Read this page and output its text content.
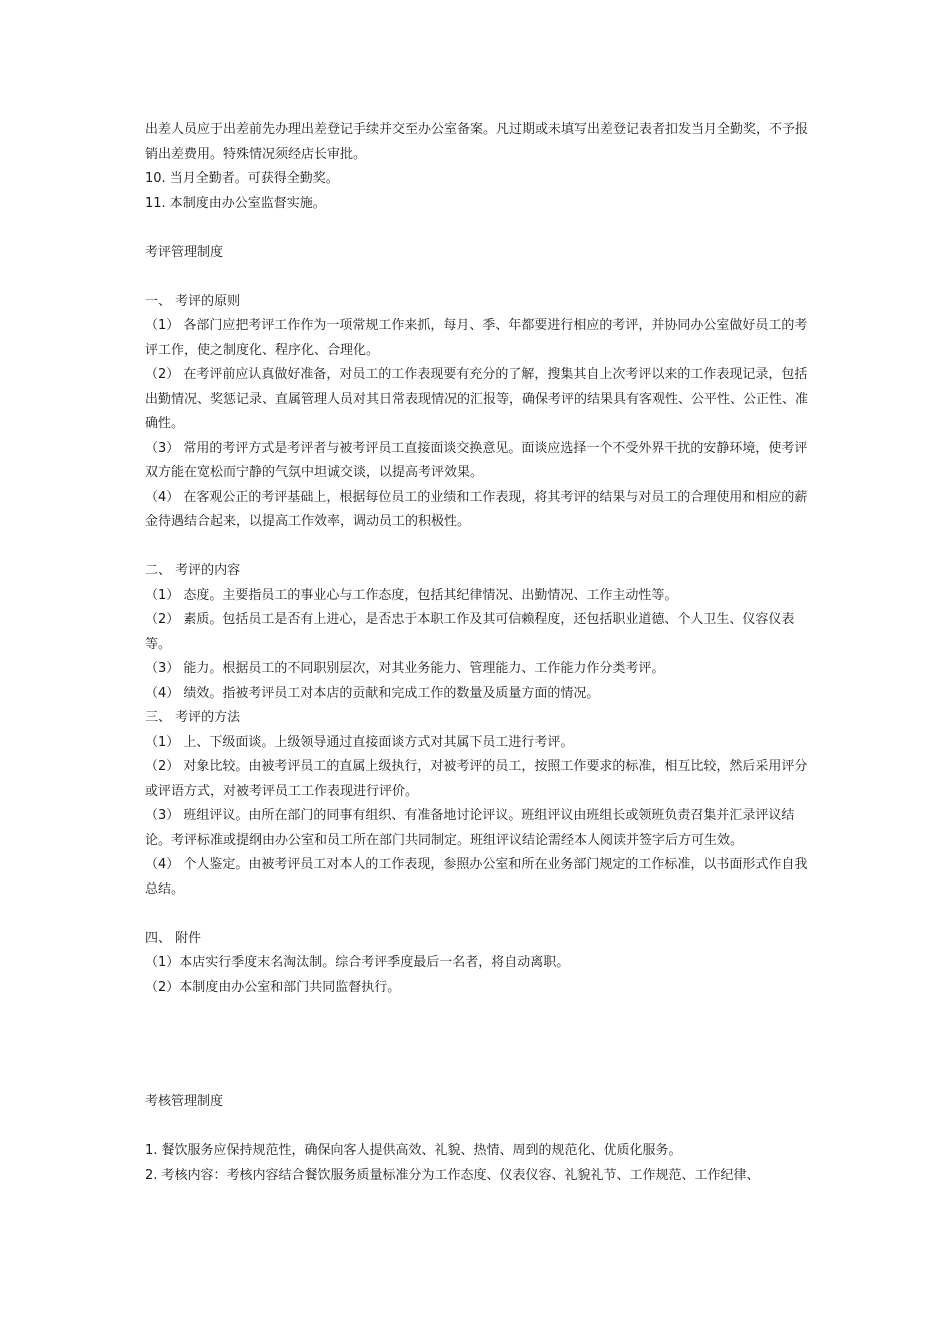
出差人员应于出差前先办理出差登记手续并交至办公室备案。凡过期或未填写出差登记表者扣发当月全勤奖，不予报销出差费用。特殊情况须经店长审批。

10. 当月全勤者。可获得全勤奖。

11. 本制度由办公室监督实施。

考评管理制度

一、 考评的原则

（1） 各部门应把考评工作作为一项常规工作来抓，每月、季、年都要进行相应的考评，并协同办公室做好员工的考评工作，使之制度化、程序化、合理化。

（2） 在考评前应认真做好准备，对员工的工作表现要有充分的了解，搜集其自上次考评以来的工作表现记录，包括出勤情况、奖惩记录、直属管理人员对其日常表现情况的汇报等，确保考评的结果具有客观性、公平性、公正性、准确性。

（3） 常用的考评方式是考评者与被考评员工直接面谈交换意见。面谈应选择一个不受外界干扰的安静环境，使考评双方能在宽松而宁静的气氛中坦诚交谈，以提高考评效果。

（4） 在客观公正的考评基础上，根据每位员工的业绩和工作表现，将其考评的结果与对员工的合理使用和相应的薪金待遇结合起来，以提高工作效率，调动员工的积极性。

二、 考评的内容

（1） 态度。主要指员工的事业心与工作态度，包括其纪律情况、出勤情况、工作主动性等。

（2） 素质。包括员工是否有上进心，是否忠于本职工作及其可信赖程度，还包括职业道德、个人卫生、仪容仪表等。

（3） 能力。根据员工的不同职别层次，对其业务能力、管理能力、工作能力作分类考评。

（4） 绩效。指被考评员工对本店的贡献和完成工作的数量及质量方面的情况。

三、 考评的方法

（1） 上、下级面谈。上级领导通过直接面谈方式对其属下员工进行考评。

（2） 对象比较。由被考评员工的直属上级执行，对被考评的员工，按照工作要求的标准，相互比较，然后采用评分或评语方式，对被考评员工工作表现进行评价。

（3） 班组评议。由所在部门的同事有组织、有准备地讨论评议。班组评议由班组长或领班负责召集并汇录评议结论。考评标准或提纲由办公室和员工所在部门共同制定。班组评议结论需经本人阅读并签字后方可生效。

（4） 个人鉴定。由被考评员工对本人的工作表现，参照办公室和所在业务部门规定的工作标准，以书面形式作自我总结。

四、 附件

（1）本店实行季度末名淘汰制。综合考评季度最后一名者，将自动离职。

（2）本制度由办公室和部门共同监督执行。

考核管理制度

1. 餐饮服务应保持规范性，确保向客人提供高效、礼貌、热情、周到的规范化、优质化服务。

2. 考核内容：考核内容结合餐饮服务质量标准分为工作态度、仪表仪容、礼貌礼节、工作规范、工作纪律、
